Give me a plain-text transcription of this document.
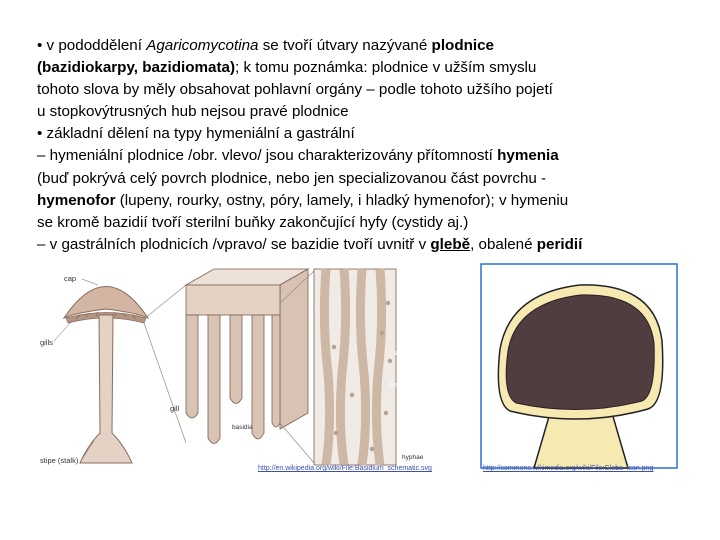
• v pododdělení Agaricomycotina se tvoří útvary nazývané plodnice

(bazidiokarpy, bazidiomata); k tomu poznámka: plodnice v užším smyslu

tohoto slova by měly obsahovat pohlavní orgány – podle tohoto užšího pojetí

u stopkovýtrusných hub nejsou pravé plodnice

• základní dělení na typy hymeniální a gastrální

– hymeniální plodnice /obr. vlevo/ jsou charakterizovány přítomností hymenia

(buď pokrývá celý povrch plodnice, nebo jen specializovanou část povrchu -

hymenofor (lupeny, rourky, ostny, póry, lamely, i hladký hymenofor); v hymeniu

se kromě bazidií tvoří sterilní buňky zakončující hyfy (cystidy aj.)

– v gastrálních plodnicích /vpravo/ se bazidie tvoří uvnitř v glebě, obalené peridií

cap
gills
gill
stipe (stalk)
basidia
spores
basidium
hyphae
http://en.wikipedia.org/wiki/File:Basidium_schematic.svg	http://commons.wikimedia.org/wiki/File:Gleba_icon.png
